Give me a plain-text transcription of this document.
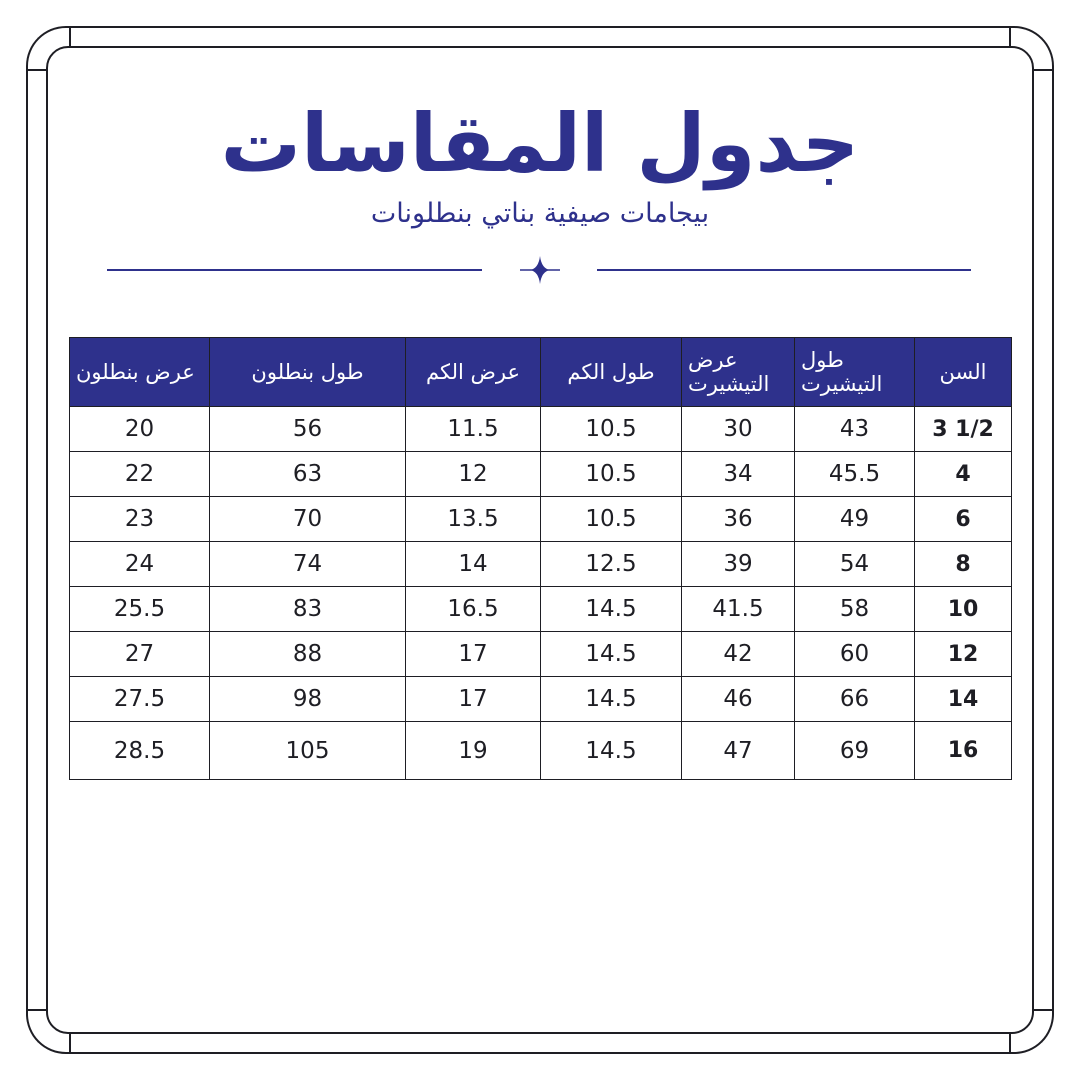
جدول المقاسات
بيجامات صيفية بناتي بنطلونات
السن	طول التيشيرت	عرض التيشيرت	طول الكم	عرض الكم	طول بنطلون	عرض بنطلون
3 1/2	43	30	10.5	11.5	56	20
4	45.5	34	10.5	12	63	22
6	49	36	10.5	13.5	70	23
8	54	39	12.5	14	74	24
10	58	41.5	14.5	16.5	83	25.5
12	60	42	14.5	17	88	27
14	66	46	14.5	17	98	27.5
16	69	47	14.5	19	105	28.5
